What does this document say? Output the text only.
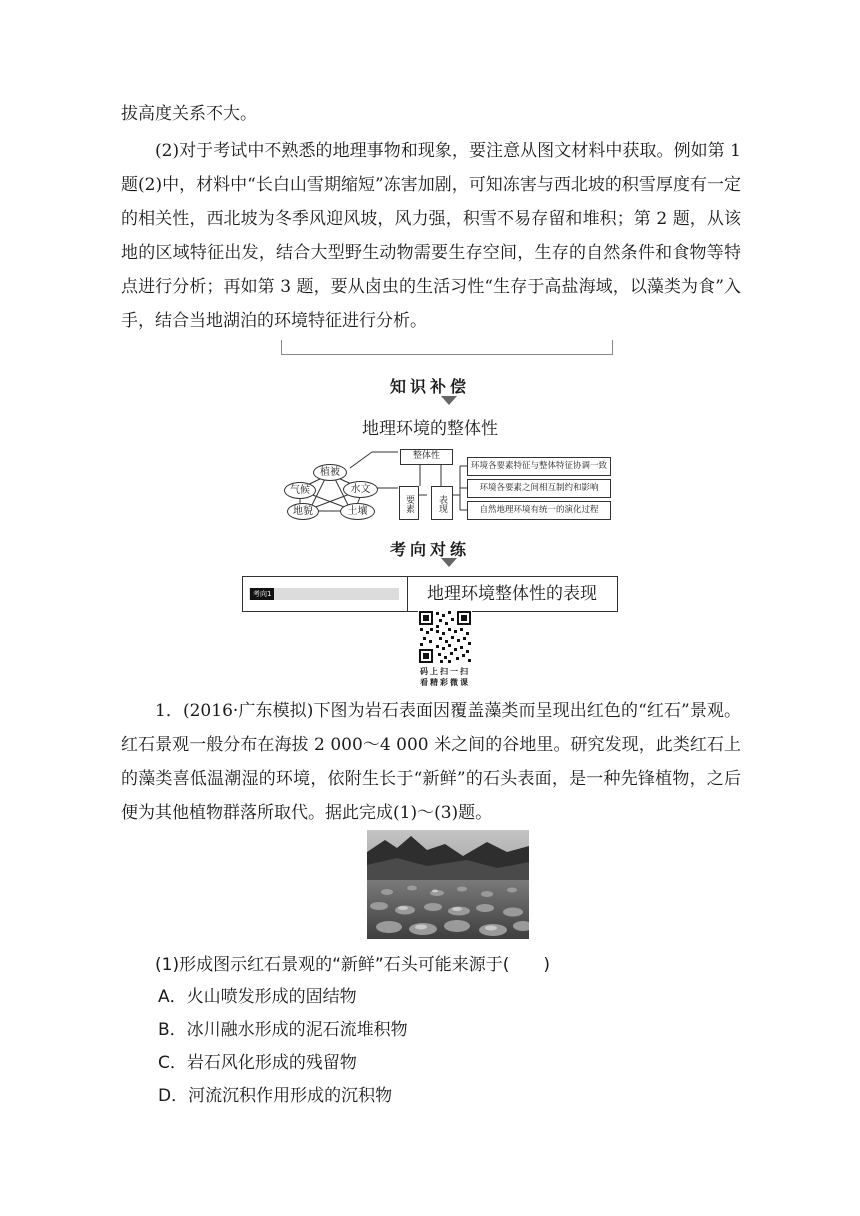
拔高度关系不大。
(2)对于考试中不熟悉的地理事物和现象，要注意从图文材料中获取。例如第 1 题(2)中，材料中“长白山雪期缩短”冻害加剧，可知冻害与西北坡的积雪厚度有一定的相关性，西北坡为冬季风迎风坡，风力强，积雪不易存留和堆积；第 2 题，从该地的区域特征出发，结合大型野生动物需要生存空间，生存的自然条件和食物等特点进行分析；再如第 3 题，要从卤虫的生活习性“生存于高盐海域，以藻类为食”入手，结合当地湖泊的环境特征进行分析。
知识补偿
地理环境的整体性
植被
气候	水文
地貌	土壤
整体性
要素	表现
环境各要素特征与整体特征协调一致
环境各要素之间相互制约和影响
自然地理环境有统一的演化过程
考向对练
考向1	地理环境整体性的表现
码上扫一扫
看精彩微课
1．(2016·广东模拟)下图为岩石表面因覆盖藻类而呈现出红色的“红石”景观。红石景观一般分布在海拔 2 000～4 000 米之间的谷地里。研究发现，此类红石上的藻类喜低温潮湿的环境，依附生长于“新鲜”的石头表面，是一种先锋植物，之后便为其他植物群落所取代。据此完成(1)～(3)题。
(1)形成图示红石景观的“新鲜”石头可能来源于(　　)
A．火山喷发形成的固结物
B．冰川融水形成的泥石流堆积物
C．岩石风化形成的残留物
D．河流沉积作用形成的沉积物
